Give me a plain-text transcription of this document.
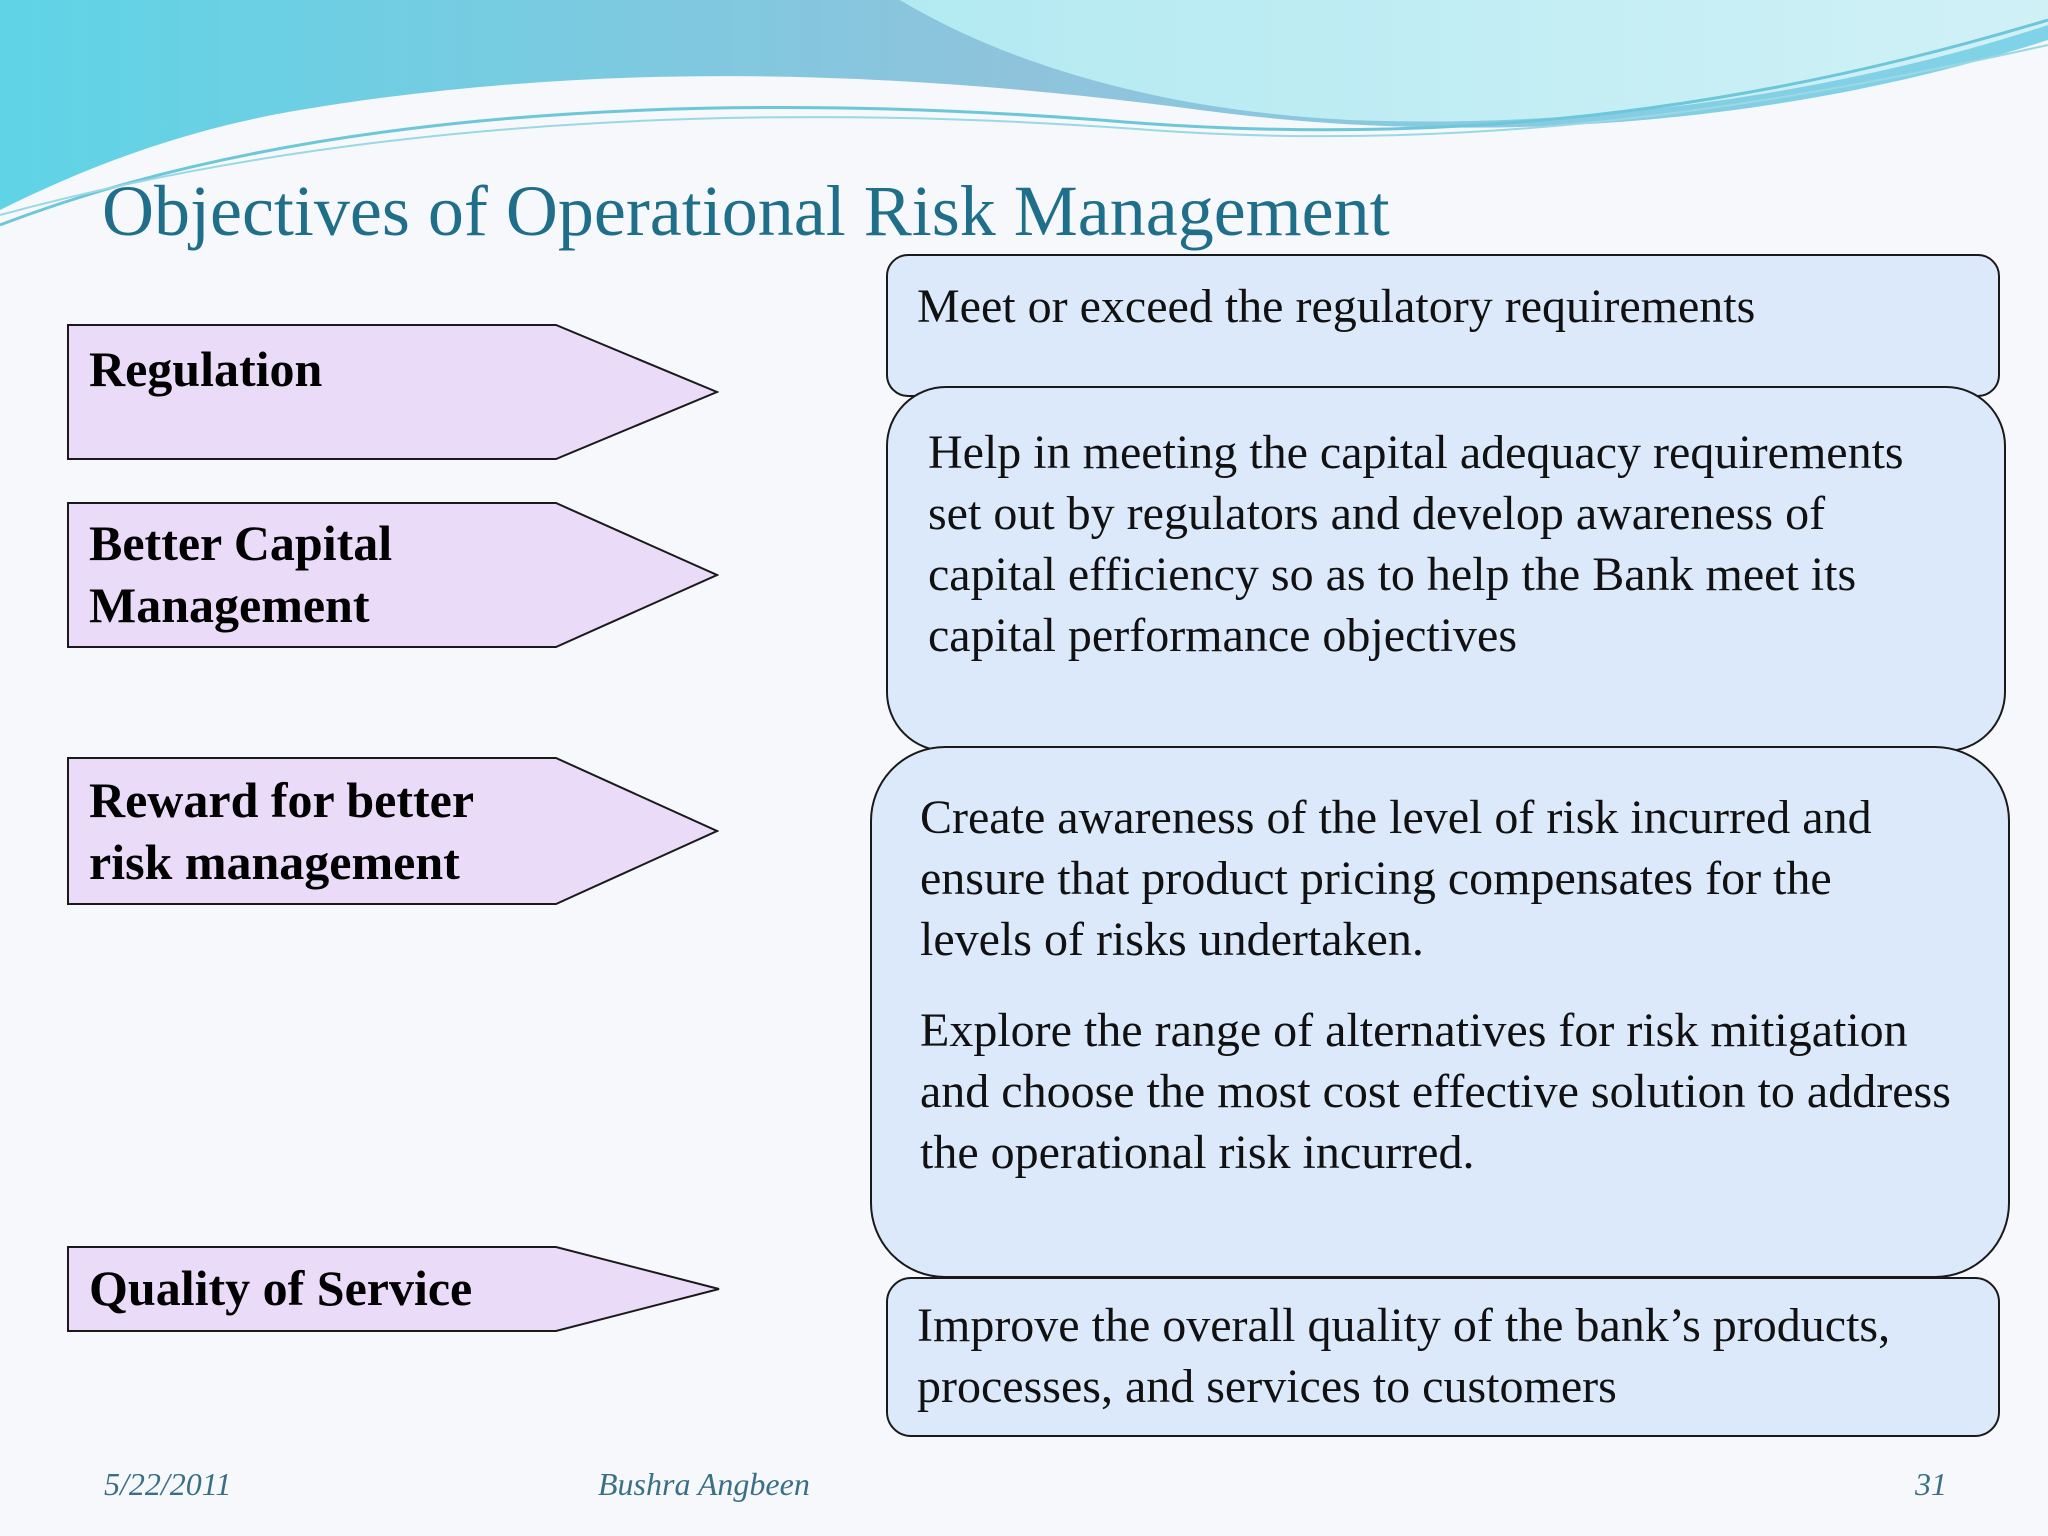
Objectives of Operational Risk Management
Regulation
Better Capital
Management
Reward for better
risk management
Quality of Service

Meet or exceed the regulatory requirements

Help in meeting the capital adequacy requirements set out by regulators and develop awareness of capital efficiency so as to help the Bank meet its capital performance objectives

Create awareness of the level of risk incurred and ensure that product pricing compensates for the levels of risks undertaken.

Explore the range of alternatives for risk mitigation and choose the most cost effective solution to address the operational risk incurred.

Improve the overall quality of the bank’s products, processes, and services to customers

5/22/2011	Bushra Angbeen	31
